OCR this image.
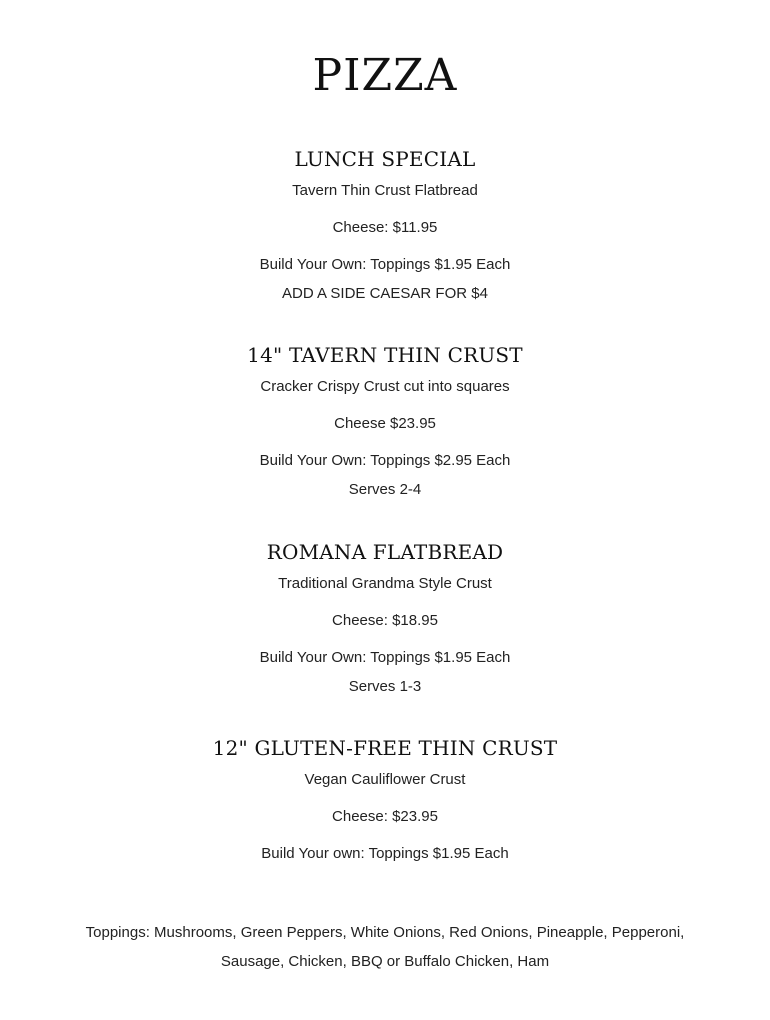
PIZZA
LUNCH SPECIAL

Tavern Thin Crust Flatbread

Cheese: $11.95

Build Your Own: Toppings $1.95 Each

ADD A SIDE CAESAR FOR $4

14" TAVERN THIN CRUST

Cracker Crispy Crust cut into squares

Cheese $23.95

Build Your Own: Toppings $2.95 Each

Serves 2-4

ROMANA FLATBREAD

Traditional Grandma Style Crust

Cheese: $18.95

Build Your Own: Toppings $1.95 Each

Serves 1-3

12" GLUTEN-FREE THIN CRUST

Vegan Cauliflower Crust

Cheese: $23.95

Build Your own: Toppings $1.95 Each

Toppings: Mushrooms, Green Peppers, White Onions, Red Onions, Pineapple, Pepperoni, Sausage, Chicken, BBQ or Buffalo Chicken, Ham
